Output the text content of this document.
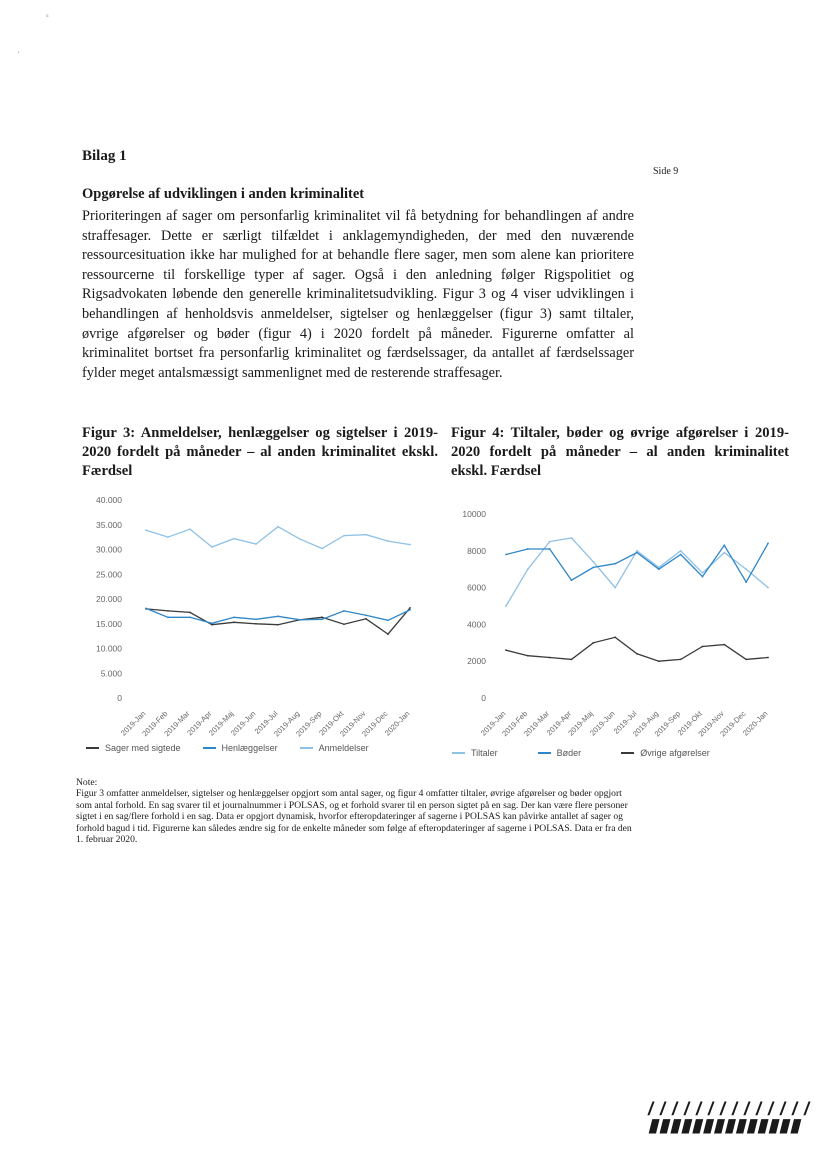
ᵘ
ʹ
Bilag 1
Side 9
Opgørelse af udviklingen i anden kriminalitet
Prioriteringen af sager om personfarlig kriminalitet vil få betydning for behandlingen af andre straffesager. Dette er særligt tilfældet i anklagemyndigheden, der med den nuværende ressourcesituation ikke har mulighed for at behandle flere sager, men som alene kan prioritere ressourcerne til forskellige typer af sager. Også i den anledning følger Rigspolitiet og Rigsadvokaten løbende den generelle kriminalitetsudvikling. Figur 3 og 4 viser udviklingen i behandlingen af henholdsvis anmeldelser, sigtelser og henlæggelser (figur 3) samt tiltaler, øvrige afgørelser og bøder (figur 4) i 2020 fordelt på måneder. Figurerne omfatter al kriminalitet bortset fra personfarlig kriminalitet og færdselssager, da antallet af færdselssager fylder meget antalsmæssigt sammenlignet med de resterende straffesager.
Figur 3: Anmeldelser, henlæggelser og sigtelser i 2019-2020 fordelt på måneder – al anden kriminalitet ekskl. Færdsel
Figur 4: Tiltaler, bøder og øvrige afgørelser i 2019-2020 fordelt på måneder – al anden kriminalitet ekskl. Færdsel
40.000
35.000
30.000
25.000
20.000
15.000
10.000
5.000
0
2019-Jan
2019-Feb
2019-Mar
2019-Apr
2019-Maj
2019-Jun
2019-Jul
2019-Aug
2019-Sep
2019-Okt
2019-Nov
2019-Dec
2020-Jan
10000
8000
6000
4000
2000
0
2019-Jan
2019-Feb
2019-Mar
2019-Apr
2019-Maj
2019-Jun
2019-Jul
2019-Aug
2019-Sep
2019-Okt
2019-Nov
2019-Dec
2020-Jan
Sager med sigtede	Henlæggelser	Anmeldelser	Tiltaler	Bøder	Øvrige afgørelser
Note:
Figur 3 omfatter anmeldelser, sigtelser og henlæggelser opgjort som antal sager, og figur 4 omfatter tiltaler, øvrige afgørelser og bøder opgjort som antal forhold. En sag svarer til et journalnummer i POLSAS, og et forhold svarer til en person sigtet på en sag. Der kan være flere personer sigtet i en sag/flere forhold i en sag. Data er opgjort dynamisk, hvorfor efteropdateringer af sagerne i POLSAS kan påvirke antallet af sager og forhold bagud i tid. Figurerne kan således ændre sig for de enkelte måneder som følge af efteropdateringer af sagerne i POLSAS. Data er fra den 1. februar 2020.
/ / / / / / / / / / / / / /
▮▮▮▮▮▮▮▮▮▮▮▮▮▮
